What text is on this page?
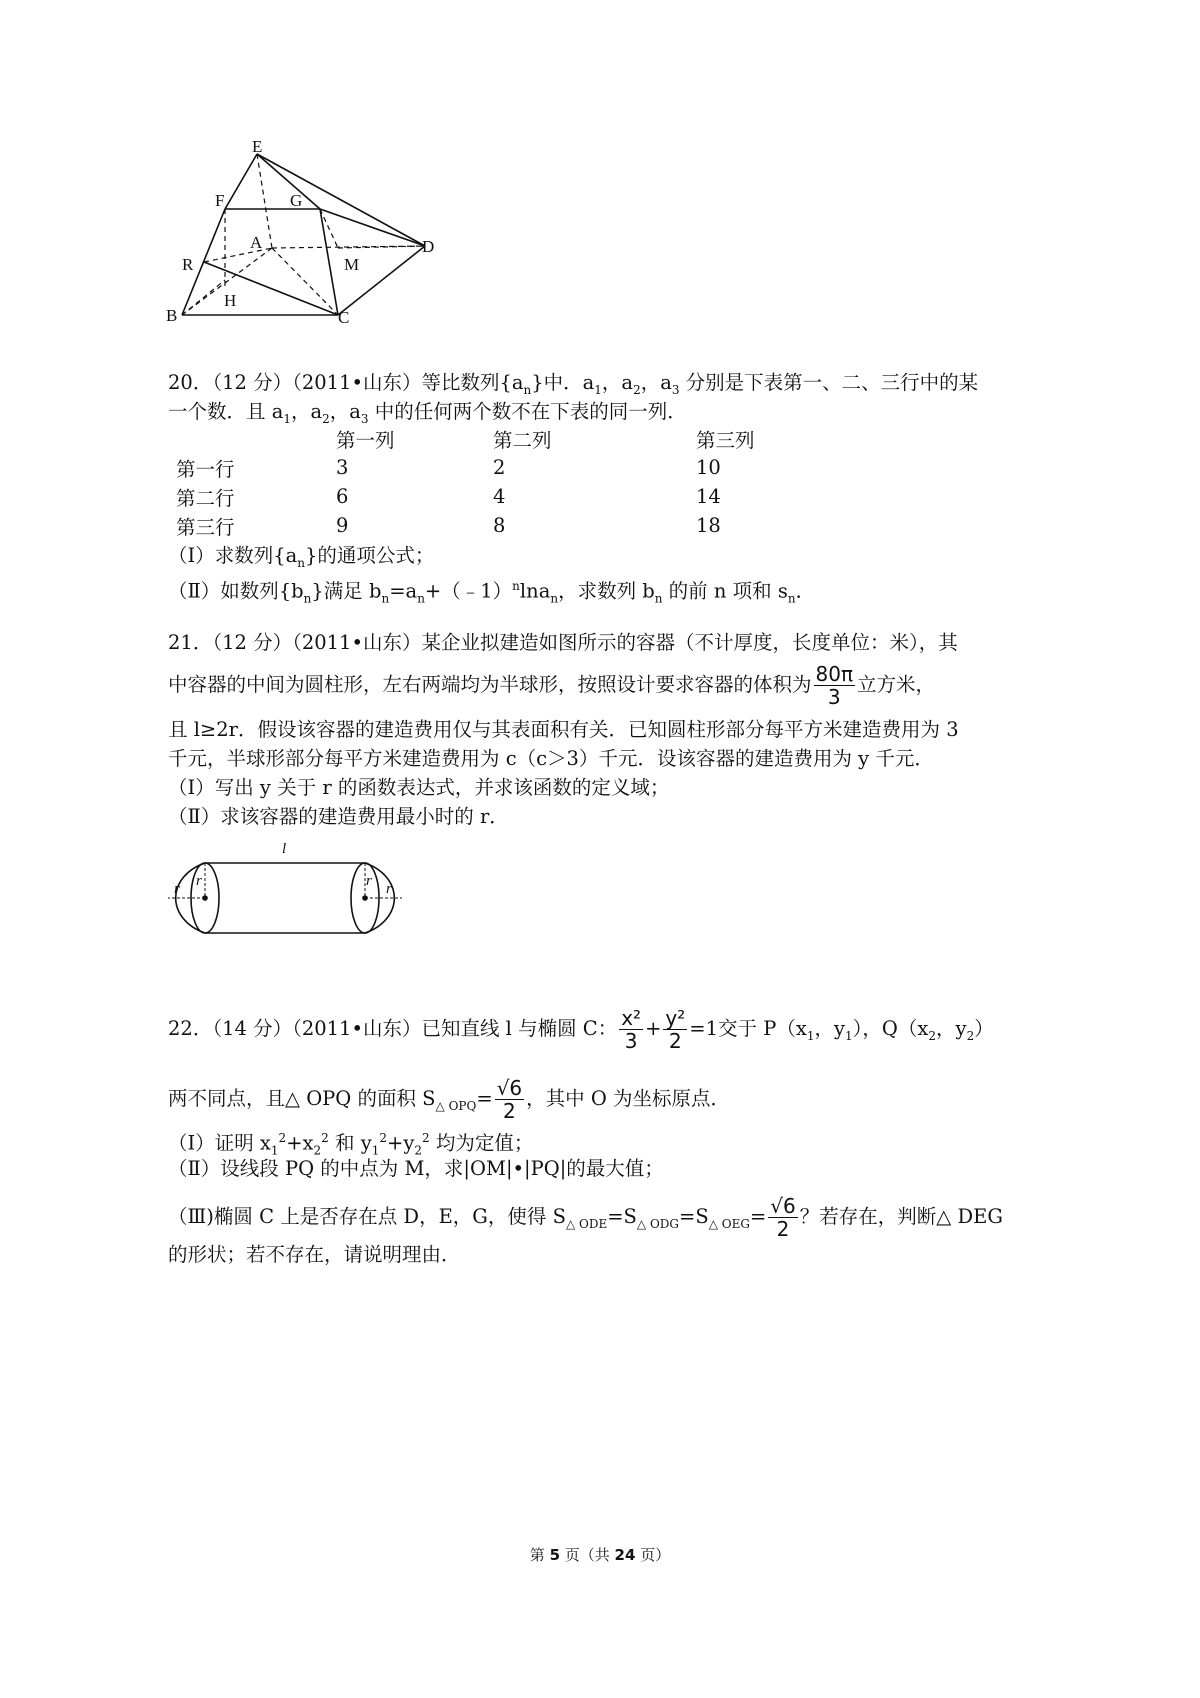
E
F	G
A	D
M
R
H
B	C
20．（12 分）（2011•山东）等比数列$\{a_n\}$中．$a_1$，$a_2$，$a_3$ 分别是下表第一、二、三行中的某
一个数．且 $a_1$，$a_2$，$a_3$ 中的任何两个数不在下表的同一列．
	第一列	第二列	第三列
第一行	3	2	10
第二行	6	4	14
第三行	9	8	18
（Ⅰ）求数列$\{a_n\}$的通项公式；
（Ⅱ）如数列$\{b_n\}$满足 $b_n=a_n+(﹣1)^n\ln a_n$，求数列 $b_n$ 的前 n 项和 $s_n$．
21．（12 分）（2011•山东）某企业拟建造如图所示的容器（不计厚度，长度单位：米），其
中容器的中间为圆柱形，左右两端均为半球形，按照设计要求容器的体积为 $\frac{80\pi}{3}$ 立方米，
且 l≥2r．假设该容器的建造费用仅与其表面积有关．已知圆柱形部分每平方米建造费用为 3
千元，半球形部分每平方米建造费用为 c（c＞3）千元．设该容器的建造费用为 y 千元．
（Ⅰ）写出 y 关于 r 的函数表达式，并求该函数的定义域；
（Ⅱ）求该容器的建造费用最小时的 r．
l
r r	r r
22．（14 分）（2011•山东）已知直线 l 与椭圆 C： $\frac{\text{x²}}{3} + \frac{\text{y²}}{2} =1$交于 $P(x_1$，$y_1$），$Q(x_2$，$y_2$）
两不同点，且△ OPQ 的面积 $S_{\triangle OPQ}= \frac{√6}{2}$ ，其中 O 为坐标原点．
（Ⅰ）证明 $x_1^2+x_2^2$ 和 $y_1^2+y_2^2$ 均为定值；
（Ⅱ）设线段 PQ 的中点为 M，求|OM|•|PQ|的最大值；
（Ⅲ)椭圆 C 上是否存在点 D，E，G，使得 $S_{\triangle ODE}=S_{\triangle ODG}=S_{\triangle OEG}= \frac{√6}{2}$ ？若存在，判断△ DEG
的形状；若不存在，请说明理由．
第 5 页（共 24 页）
